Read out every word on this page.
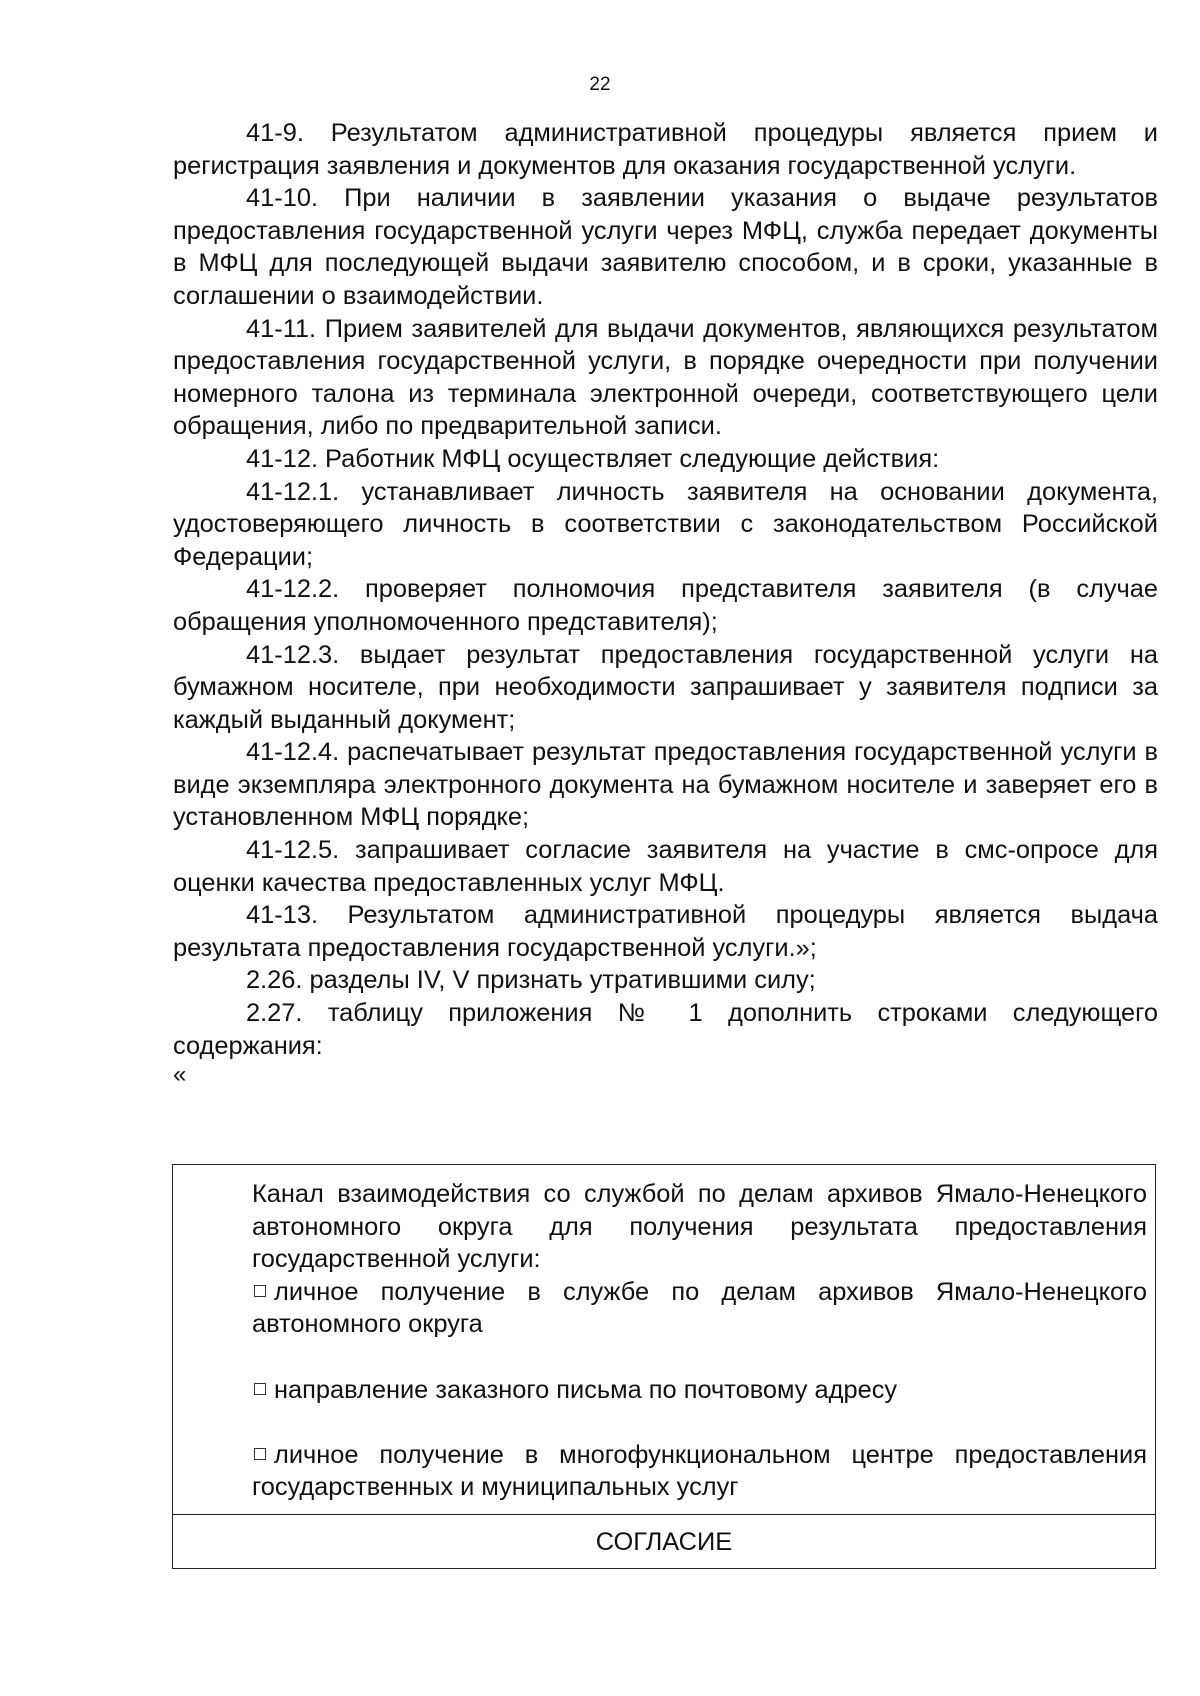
22

41-9. Результатом административной процедуры является прием и регистрация заявления и документов для оказания государственной услуги.

41-10. При наличии в заявлении указания о выдаче результатов предоставления государственной услуги через МФЦ, служба передает документы в МФЦ для последующей выдачи заявителю способом, и в сроки, указанные в соглашении о взаимодействии.

41-11. Прием заявителей для выдачи документов, являющихся результатом предоставления государственной услуги, в порядке очередности при получении номерного талона из терминала электронной очереди, соответствующего цели обращения, либо по предварительной записи.

41-12. Работник МФЦ осуществляет следующие действия:

41-12.1. устанавливает личность заявителя на основании документа, удостоверяющего личность в соответствии с законодательством Российской Федерации;

41-12.2. проверяет полномочия представителя заявителя (в случае обращения уполномоченного представителя);

41-12.3. выдает результат предоставления государственной услуги на бумажном носителе, при необходимости запрашивает у заявителя подписи за каждый выданный документ;

41-12.4. распечатывает результат предоставления государственной услуги в виде экземпляра электронного документа на бумажном носителе и заверяет его в установленном МФЦ порядке;

41-12.5. запрашивает согласие заявителя на участие в смс-опросе для оценки качества предоставленных услуг МФЦ.

41-13. Результатом административной процедуры является выдача результата предоставления государственной услуги.»;

2.26. разделы IV, V признать утратившими силу;

2.27. таблицу приложения № 1 дополнить строками следующего содержания:

«

Канал взаимодействия со службой по делам архивов Ямало-Ненецкого автономного округа для получения результата предоставления государственной услуги:

личное получение в службе по делам архивов Ямало-Ненецкого автономного округа

направление заказного письма по почтовому адресу

личное получение в многофункциональном центре предоставления государственных и муниципальных услуг

СОГЛАСИЕ
